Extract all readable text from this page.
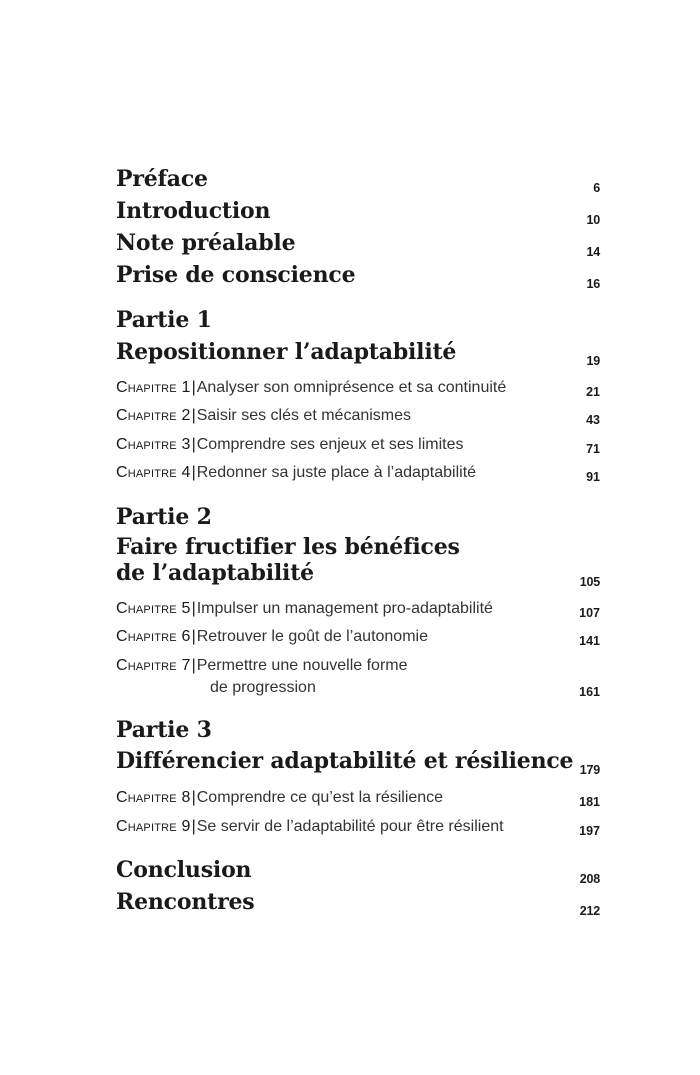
Préface	6
Introduction	10
Note préalable	14
Prise de conscience	16
Partie 1
Repositionner l’adaptabilité	19
Chapitre 1|Analyser son omniprésence et sa continuité	21
Chapitre 2|Saisir ses clés et mécanismes	43
Chapitre 3|Comprendre ses enjeux et ses limites	71
Chapitre 4|Redonner sa juste place à l’adaptabilité	91
Partie 2
Faire fructifier les bénéfices
de l’adaptabilité	105
Chapitre 5|Impulser un management pro-adaptabilité	107
Chapitre 6|Retrouver le goût de l’autonomie	141
Chapitre 7|Permettre une nouvelle forme
de progression	161
Partie 3
Différencier adaptabilité et résilience 179
Chapitre 8|Comprendre ce qu’est la résilience	181
Chapitre 9|Se servir de l’adaptabilité pour être résilient	197
Conclusion	208
Rencontres	212
